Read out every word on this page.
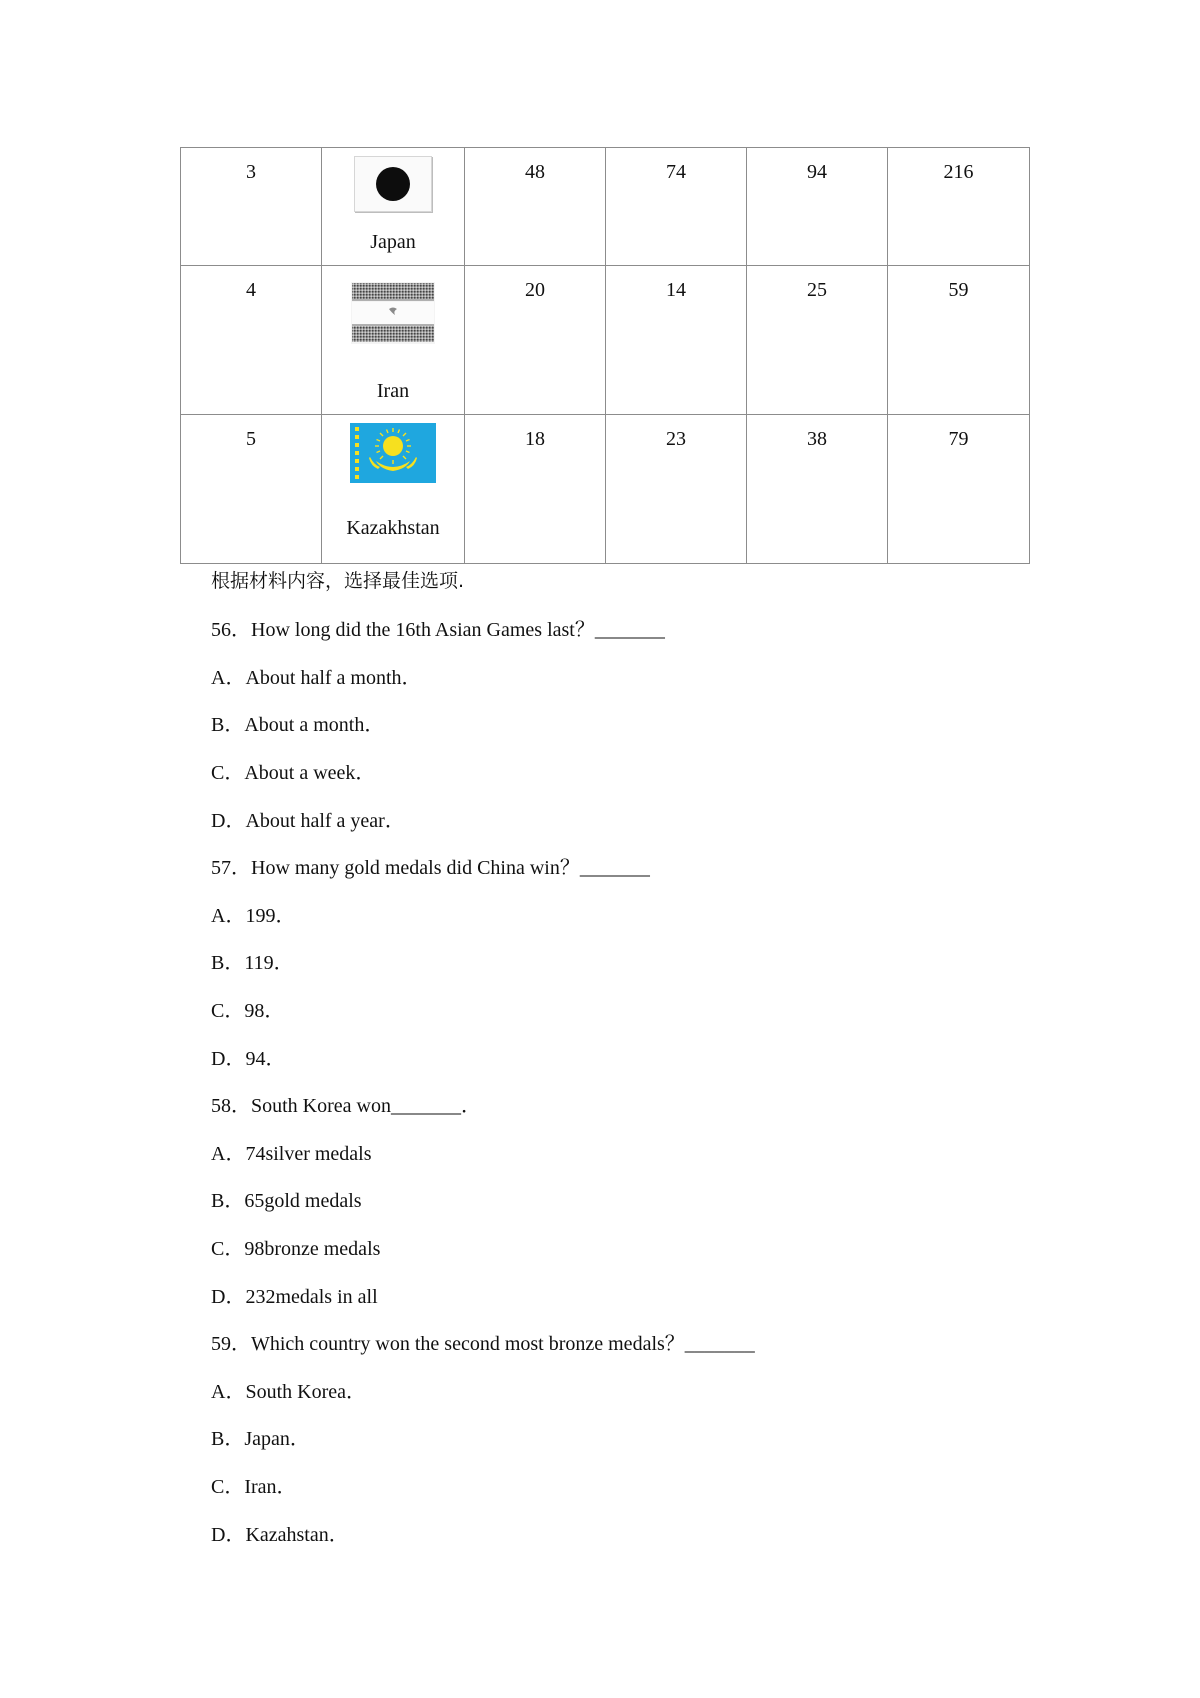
3	Japan	48	74	94	216
4	Iran	20	14	25	59
5	Kazakhstan	18	23	38	79

根据材料内容，选择最佳选项.

56．How long did the 16th Asian Games last？_______

A．About half a month．

B．About a month．

C．About a week．

D．About half a year．

57．How many gold medals did China win？_______

A．199．

B．119．

C．98．

D．94．

58．South Korea won_______．

A．74silver medals

B．65gold medals

C．98bronze medals

D．232medals in all

59．Which country won the second most bronze medals？_______

A．South Korea．

B．Japan．

C．Iran．

D．Kazahstan．
